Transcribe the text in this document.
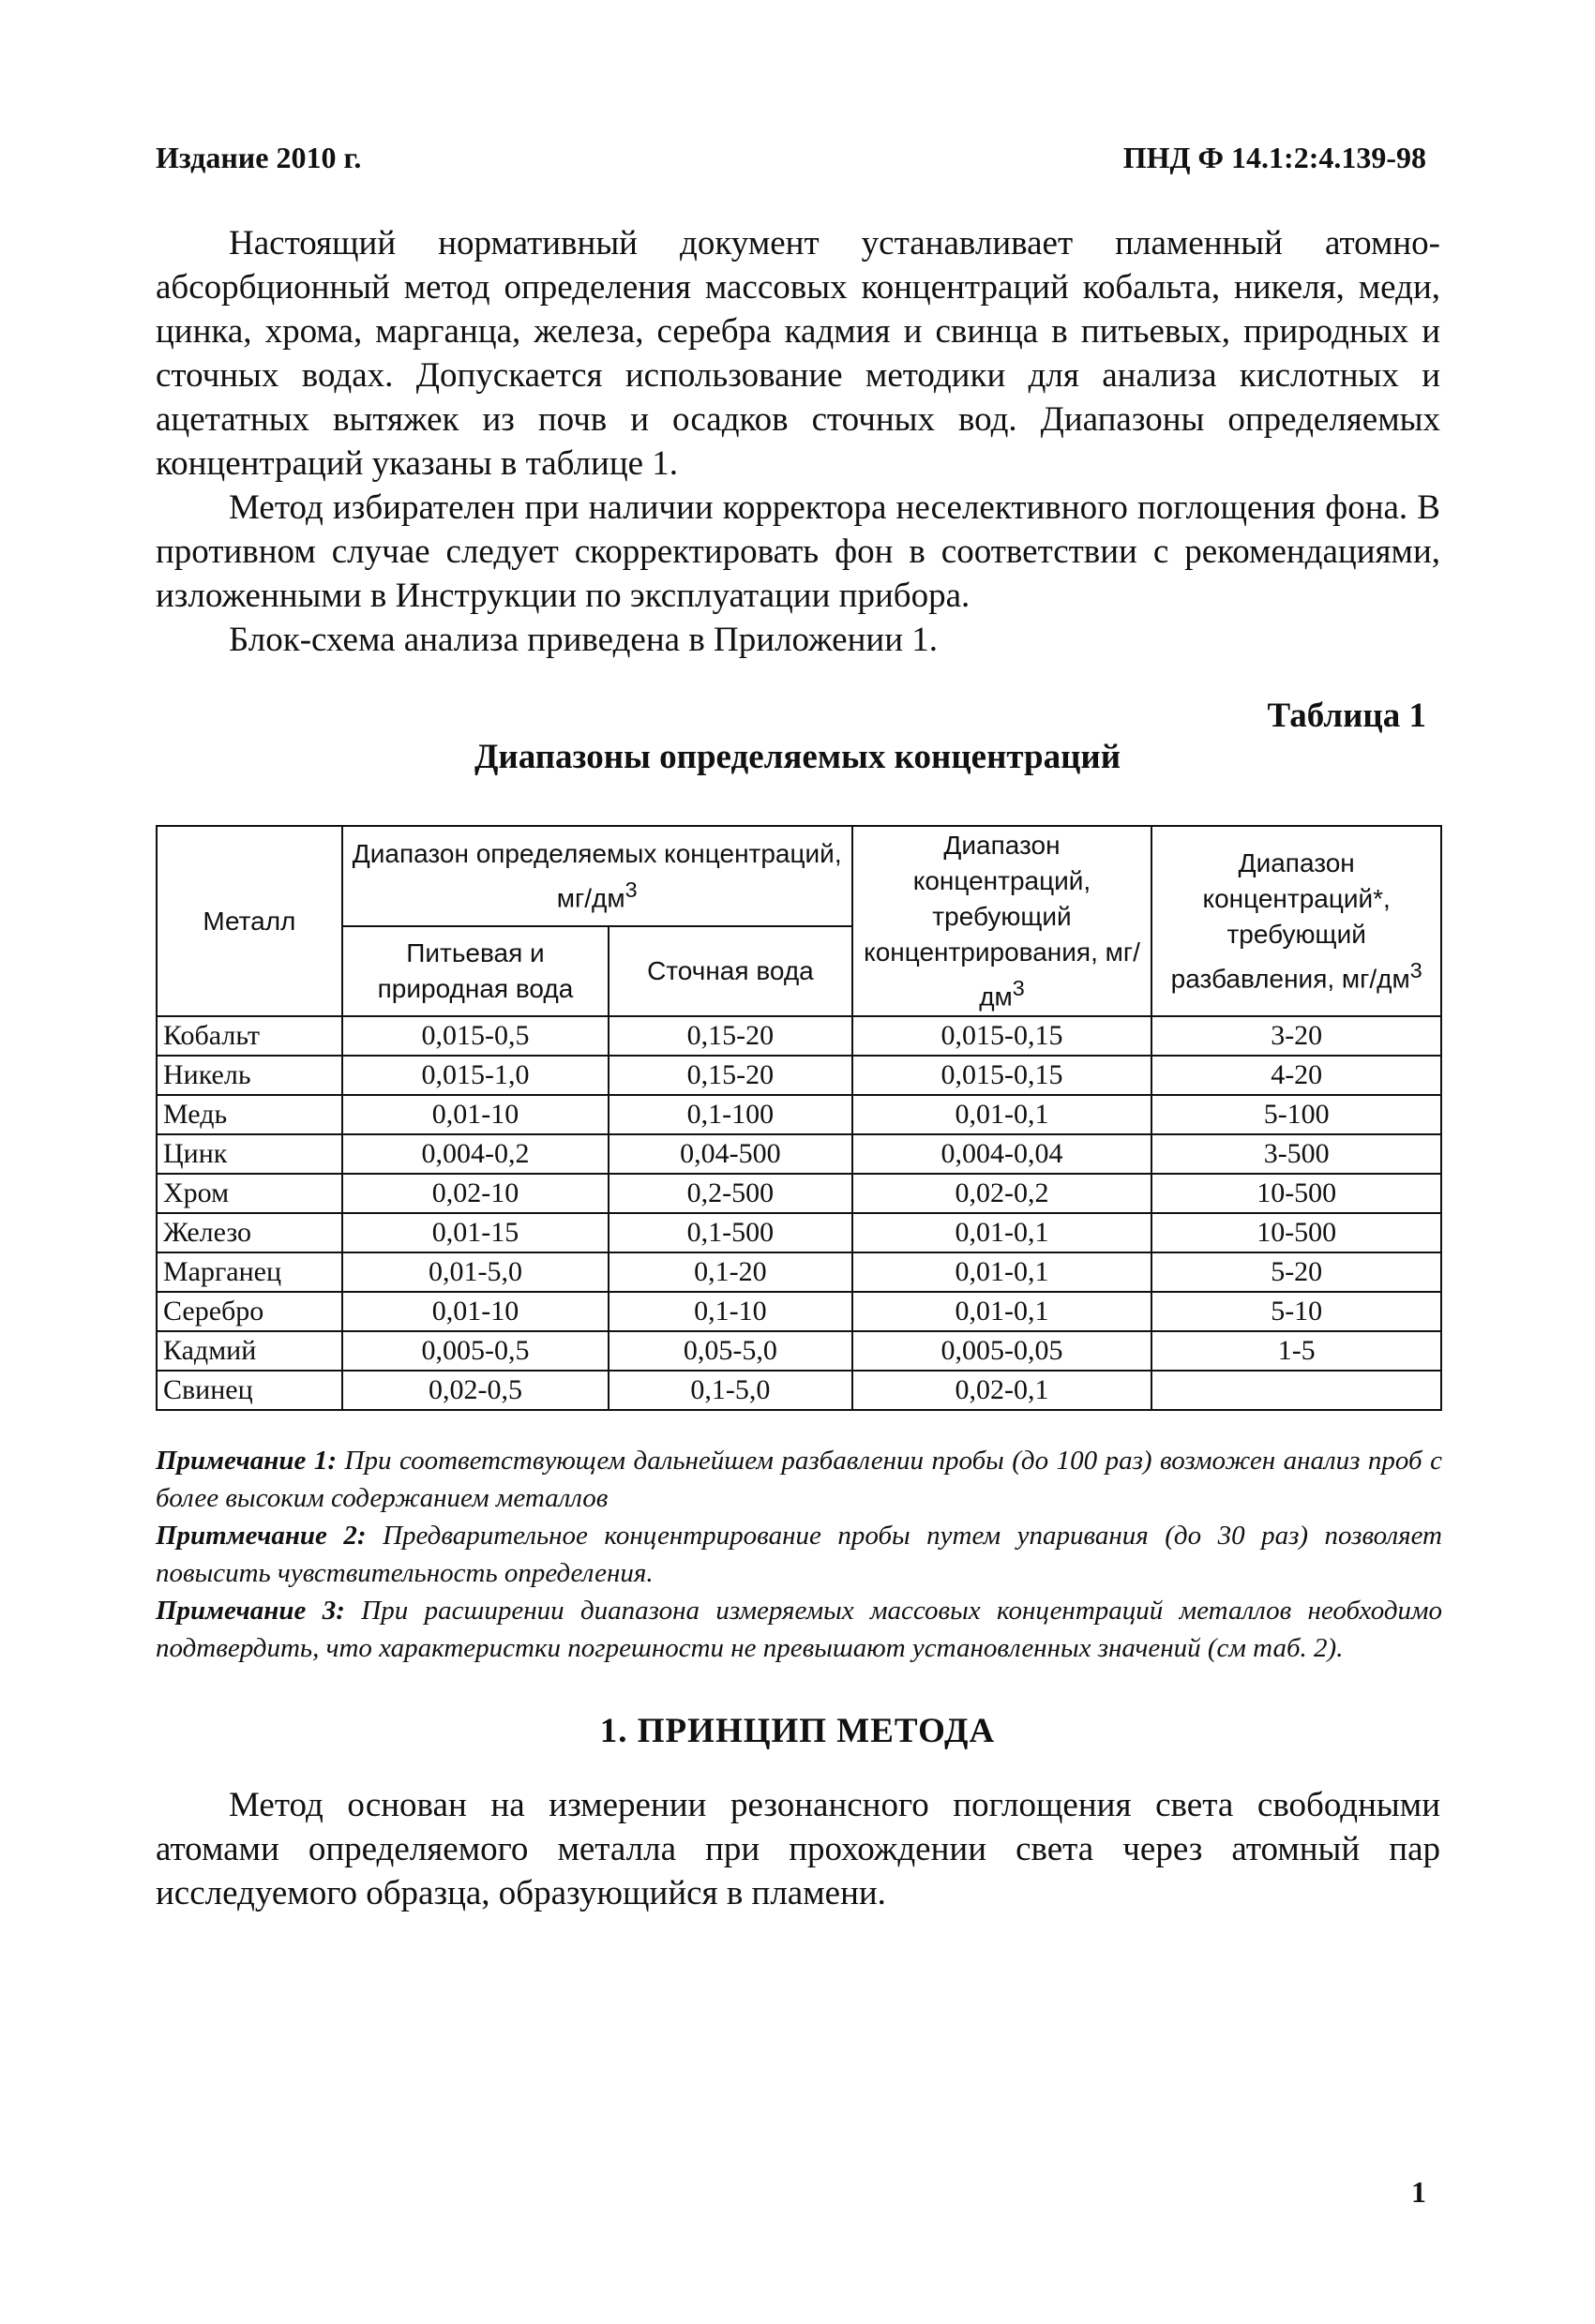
Издание 2010 г.	ПНД Ф 14.1:2:4.139-98

Настоящий нормативный документ устанавливает пламенный атомно-абсорбционный метод определения массовых концентраций кобальта, никеля, меди, цинка, хрома, марганца, железа, серебра кадмия и свинца в питьевых, природных и сточных водах. Допускается использование методики для анализа кислотных и ацетатных вытяжек из почв и осадков сточных вод. Диапазоны определяемых концентраций указаны в таблице 1.

Метод избирателен при наличии корректора неселективного поглощения фона. В противном случае следует скорректировать фон в соответствии с рекомендациями, изложенными в Инструкции по эксплуатации прибора.

Блок-схема анализа приведена в Приложении 1.

Таблица 1
Диапазоны определяемых концентраций
Металл	Диапазон определяемых концентраций, $мг/дм^3$		Диапазон концентраций, требующий концентрирования, $мг/дм^3$	Диапазон концентраций*, требующий разбавления, $мг/дм^3$
	Питьевая и природная вода	Сточная вода		
Кобальт	0,015-0,5	0,15-20	0,015-0,15	3-20
Никель	0,015-1,0	0,15-20	0,015-0,15	4-20
Медь	0,01-10	0,1-100	0,01-0,1	5-100
Цинк	0,004-0,2	0,04-500	0,004-0,04	3-500
Хром	0,02-10	0,2-500	0,02-0,2	10-500
Железо	0,01-15	0,1-500	0,01-0,1	10-500
Марганец	0,01-5,0	0,1-20	0,01-0,1	5-20
Серебро	0,01-10	0,1-10	0,01-0,1	5-10
Кадмий	0,005-0,5	0,05-5,0	0,005-0,05	1-5
Свинец	0,02-0,5	0,1-5,0	0,02-0,1	

Примечание 1: При соответствующем дальнейшем разбавлении пробы (до 100 раз) возможен анализ проб с более высоким содержанием металлов

Притмечание 2: Предварительное концентрирование пробы путем упаривания (до 30 раз) позволяет повысить чувствительность определения.

Примечание 3: При расширении диапазона измеряемых массовых концентраций металлов необходимо подтвердить, что характеристки погрешности не превышают установленных значений (см таб. 2).

1. ПРИНЦИП МЕТОДА

Метод основан на измерении резонансного поглощения света свободными атомами определяемого металла при прохождении света через атомный пар исследуемого образца, образующийся в пламени.

1
